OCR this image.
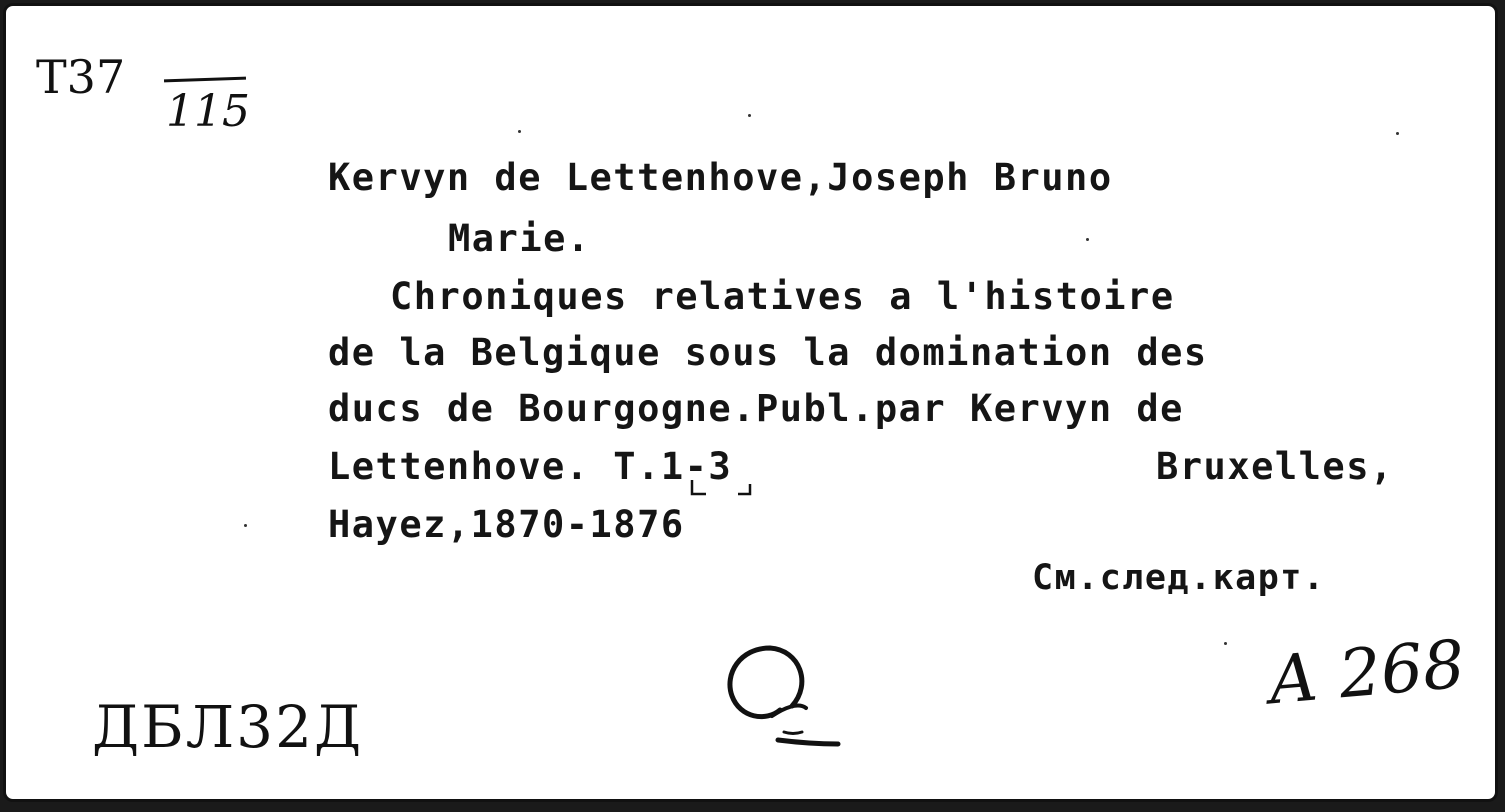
T37
115
Kervyn de Lettenhove,Joseph Bruno
Marie.
Chroniques relatives a l'histoire
de la Belgique sous la domination des
ducs de Bourgogne.Publ.par Kervyn de
Lettenhove. T.1-3	Bruxelles,
Hayez,1870-1876
См.след.карт.
ДБЛ32Д
А 268
